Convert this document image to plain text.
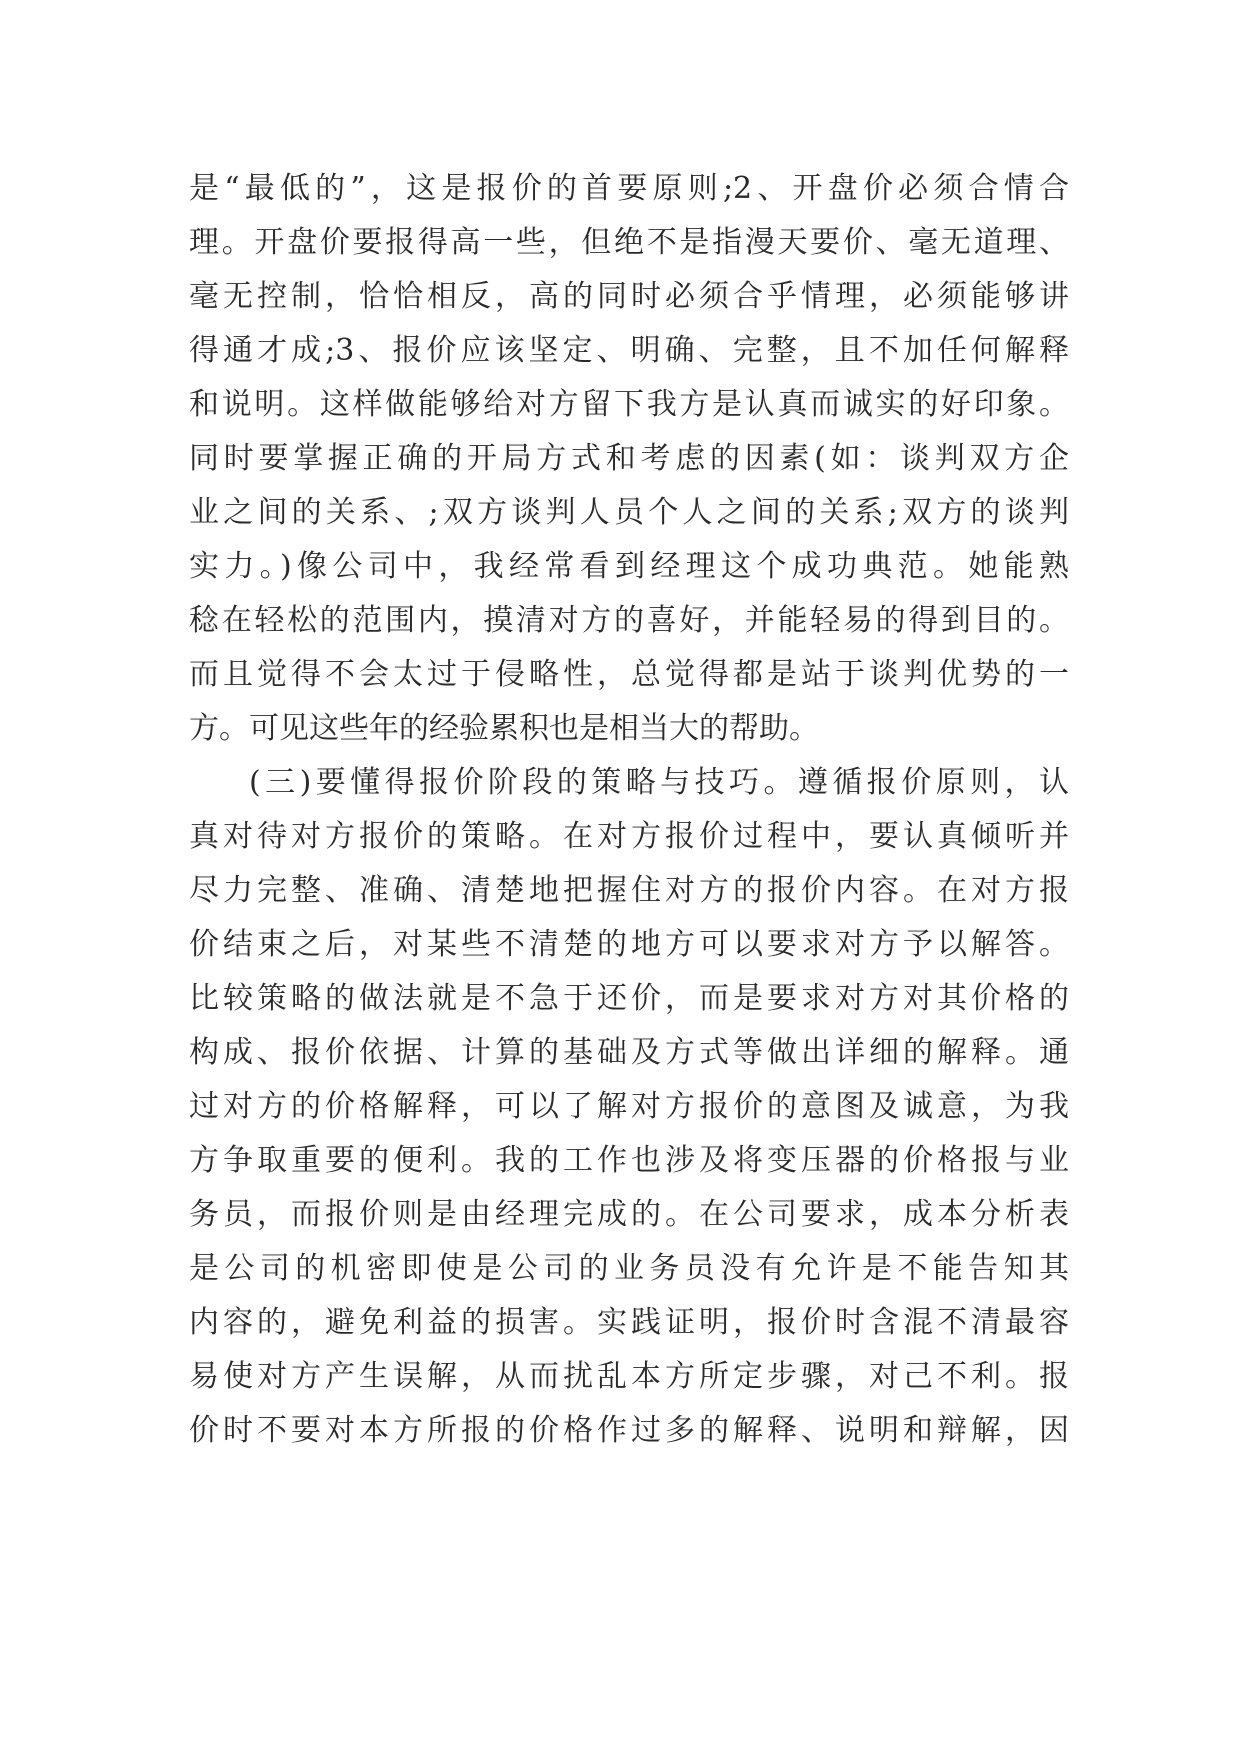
是“最低的”，这是报价的首要原则;2、开盘价必须合情合
理。开盘价要报得高一些，但绝不是指漫天要价、毫无道理、
毫无控制，恰恰相反，高的同时必须合乎情理，必须能够讲
得通才成;3、报价应该坚定、明确、完整，且不加任何解释
和说明。这样做能够给对方留下我方是认真而诚实的好印象。
同时要掌握正确的开局方式和考虑的因素(如：谈判双方企
业之间的关系、;双方谈判人员个人之间的关系;双方的谈判
实力。)像公司中，我经常看到经理这个成功典范。她能熟
稔在轻松的范围内，摸清对方的喜好，并能轻易的得到目的。
而且觉得不会太过于侵略性，总觉得都是站于谈判优势的一
方。可见这些年的经验累积也是相当大的帮助。
(三)要懂得报价阶段的策略与技巧。遵循报价原则，认
真对待对方报价的策略。在对方报价过程中，要认真倾听并
尽力完整、准确、清楚地把握住对方的报价内容。在对方报
价结束之后，对某些不清楚的地方可以要求对方予以解答。
比较策略的做法就是不急于还价，而是要求对方对其价格的
构成、报价依据、计算的基础及方式等做出详细的解释。通
过对方的价格解释，可以了解对方报价的意图及诚意，为我
方争取重要的便利。我的工作也涉及将变压器的价格报与业
务员，而报价则是由经理完成的。在公司要求，成本分析表
是公司的机密即使是公司的业务员没有允许是不能告知其
内容的，避免利益的损害。实践证明，报价时含混不清最容
易使对方产生误解，从而扰乱本方所定步骤，对己不利。报
价时不要对本方所报的价格作过多的解释、说明和辩解，因
